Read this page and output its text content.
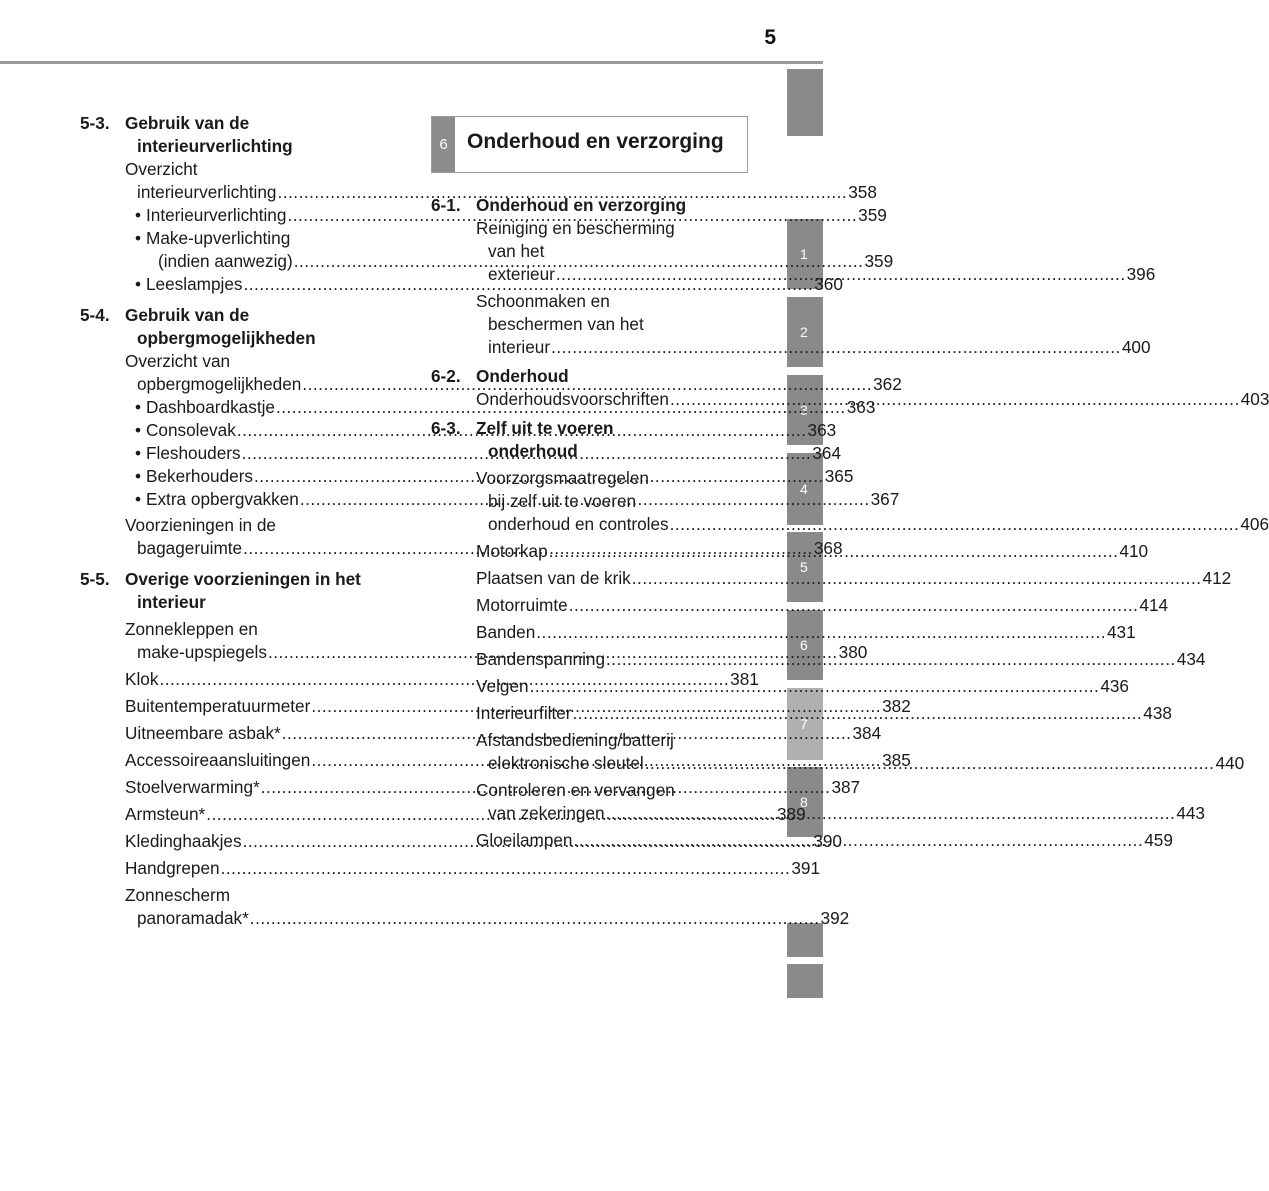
5
1
2
3
4
5
6
7
8
5-3. Gebruik van de
interieurverlichting
Overzicht
interieurverlichting .....	358
• Interieurverlichting .....	359
• Make-upverlichting
(indien aanwezig) .....	359
• Leeslampjes .....	360
5-4. Gebruik van de
opbergmogelijkheden
Overzicht van
opbergmogelijkheden .....	362
• Dashboardkastje .....	363
• Consolevak .....	363
• Fleshouders .....	364
• Bekerhouders .....	365
• Extra opbergvakken .....	367
Voorzieningen in de
bagageruimte .....	368
5-5. Overige voorzieningen in het
interieur
Zonnekleppen en
make-upspiegels .....	380
Klok .....	381
Buitentemperatuurmeter .....	382
Uitneembare asbak* .....	384
Accessoireaansluitingen .....	385
Stoelverwarming* .....	387
Armsteun* .....	389
Kledinghaakjes .....	390
Handgrepen .....	391
Zonnescherm
panoramadak* .....	392
6 Onderhoud en verzorging
6-1. Onderhoud en verzorging
Reiniging en bescherming
van het
exterieur .....	396
Schoonmaken en
beschermen van het
interieur .....	400
6-2. Onderhoud
Onderhoudsvoorschriften .....	403
6-3. Zelf uit te voeren
onderhoud
Voorzorgsmaatregelen
bij zelf uit te voeren
onderhoud en controles .....	406
Motorkap .....	410
Plaatsen van de krik .....	412
Motorruimte .....	414
Banden .....	431
Bandenspanning .....	434
Velgen .....	436
Interieurfilter .....	438
Afstandsbediening/batterij
elektronische sleutel .....	440
Controleren en vervangen
van zekeringen .....	443
Gloeilampen .....	459
